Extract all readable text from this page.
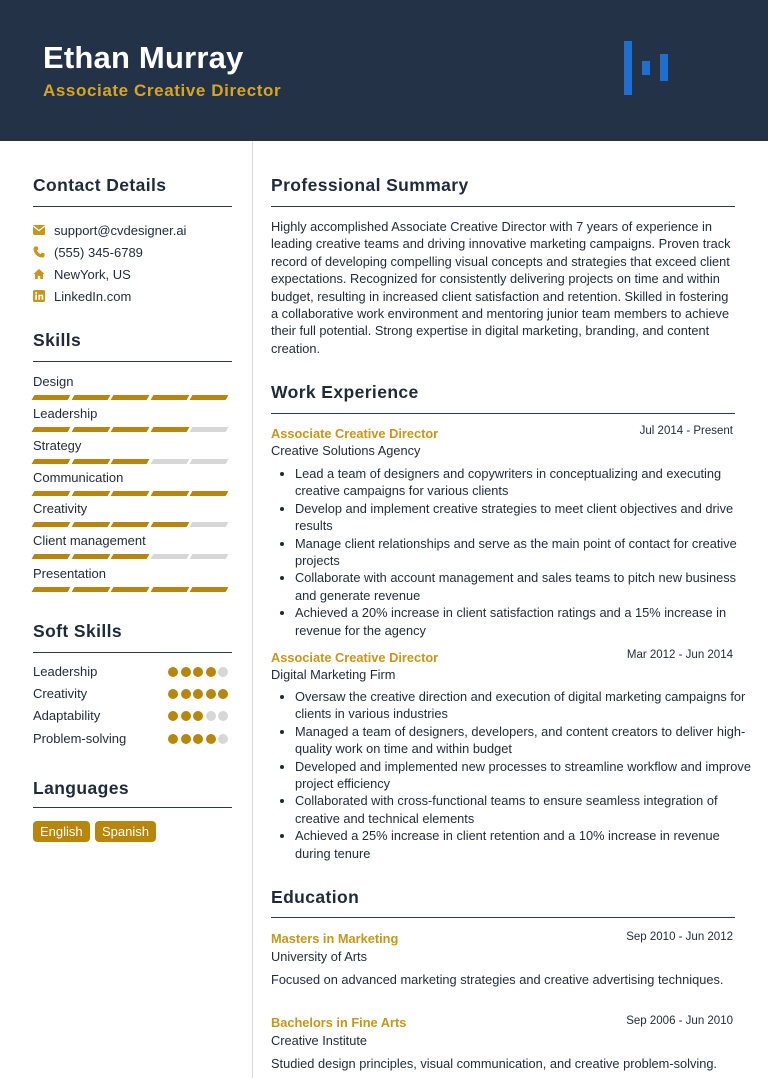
Ethan Murray
Associate Creative Director
Contact Details
support@cvdesigner.ai
(555) 345-6789
NewYork, US
LinkedIn.com
Skills
Design
Leadership
Strategy
Communication
Creativity
Client management
Presentation
Soft Skills
Leadership
Creativity
Adaptability
Problem-solving
Languages
English	Spanish
Professional Summary

Highly accomplished Associate Creative Director with 7 years of experience in leading creative teams and driving innovative marketing campaigns. Proven track record of developing compelling visual concepts and strategies that exceed client expectations. Recognized for consistently delivering projects on time and within budget, resulting in increased client satisfaction and retention. Skilled in fostering a collaborative work environment and mentoring junior team members to achieve their full potential. Strong expertise in digital marketing, branding, and content creation.

Work Experience
Associate Creative Director	Jul 2014 - Present
Creative Solutions Agency
• Lead a team of designers and copywriters in conceptualizing and executing creative campaigns for various clients
• Develop and implement creative strategies to meet client objectives and drive results
• Manage client relationships and serve as the main point of contact for creative projects
• Collaborate with account management and sales teams to pitch new business and generate revenue
• Achieved a 20% increase in client satisfaction ratings and a 15% increase in revenue for the agency
Associate Creative Director	Mar 2012 - Jun 2014
Digital Marketing Firm
• Oversaw the creative direction and execution of digital marketing campaigns for clients in various industries
• Managed a team of designers, developers, and content creators to deliver high-quality work on time and within budget
• Developed and implemented new processes to streamline workflow and improve project efficiency
• Collaborated with cross-functional teams to ensure seamless integration of creative and technical elements
• Achieved a 25% increase in client retention and a 10% increase in revenue during tenure
Education
Masters in Marketing	Sep 2010 - Jun 2012
University of Arts

Focused on advanced marketing strategies and creative advertising techniques.

Bachelors in Fine Arts	Sep 2006 - Jun 2010
Creative Institute

Studied design principles, visual communication, and creative problem-solving.
